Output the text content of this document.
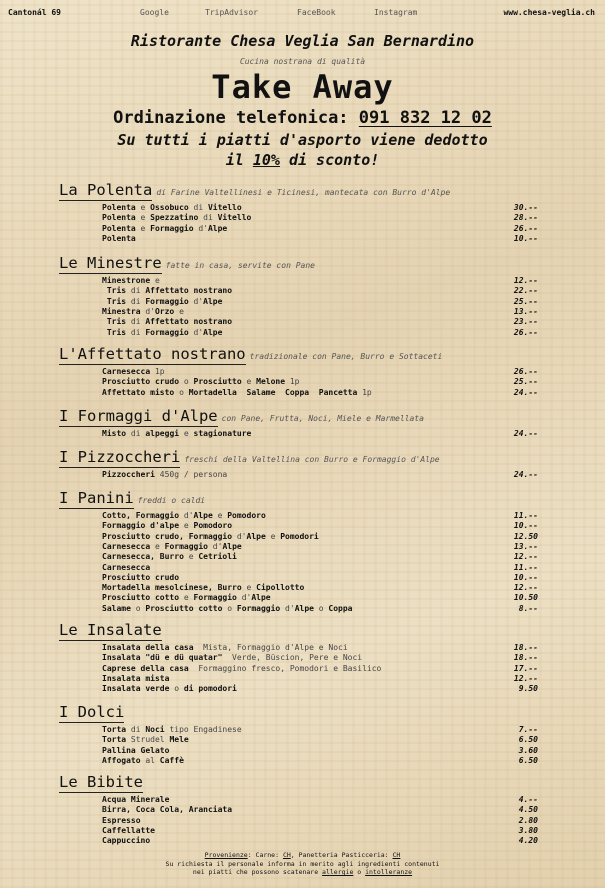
Cantonál 69	Google	TripAdvisor	FaceBook	Instagram	www.chesa-veglia.ch
Ristorante Chesa Veglia San Bernardino
Cucina nostrana di qualità
Take Away
Ordinazione telefonica: 091 832 12 02
Su tutti i piatti d'asporto viene dedotto
il 10% di sconto!
La Polenta di Farine Valtellinesi e Ticinesi, mantecata con Burro d'Alpe
Polenta e Ossobuco di Vitello	30.--
Polenta e Spezzatino di Vitello	28.--
Polenta e Formaggio d'Alpe	26.--
Polenta	10.--
Le Minestre fatte in casa, servite con Pane
Minestrone e	12.--
Tris di Affettato nostrano	22.--
Tris di Formaggio d'Alpe	25.--
Minestra d'Orzo e	13.--
Tris di Affettato nostrano	23.--
Tris di Formaggio d'Alpe	26.--
L'Affettato nostrano tradizionale con Pane, Burro e Sottaceti
Carnesecca 1p	26.--
Prosciutto crudo o Prosciutto e Melone 1p	25.--
Affettato misto o Mortadella  Salame  Coppa  Pancetta 1p	24.--
I Formaggi d'Alpe con Pane, Frutta, Noci, Miele e Marmellata
Misto di alpeggi e stagionature	24.--
I Pizzoccheri freschi della Valtellina con Burro e Formaggio d'Alpe
Pizzoccheri 450g / persona	24.--
I Panini freddi o caldi
Cotto, Formaggio d'Alpe e Pomodoro	11.--
Formaggio d'alpe e Pomodoro	10.--
Prosciutto crudo, Formaggio d'Alpe e Pomodori	12.50
Carnesecca e Formaggio d'Alpe	13.--
Carnesecca, Burro e Cetrioli	12.--
Carnesecca	11.--
Prosciutto crudo	10.--
Mortadella mesolcinese, Burro e Cipollotto	12.--
Prosciutto cotto e Formaggio d'Alpe	10.50
Salame o Prosciutto cotto o Formaggio d'Alpe o Coppa	8.--
Le Insalate
Insalata della casa  Mista, Formaggio d'Alpe e Noci	18.--
Insalata "dü e dü quatar"  Verde, Büscion, Pere e Noci	18.--
Caprese della casa  Formaggino fresco, Pomodori e Basilico	17.--
Insalata mista	12.--
Insalata verde o di pomodori	9.50
I Dolci
Torta di Noci tipo Engadinese	7.--
Torta Strudel Mele	6.50
Pallina Gelato	3.60
Affogato al Caffè	6.50
Le Bibite
Acqua Minerale	4.--
Birra, Coca Cola, Aranciata	4.50
Espresso	2.80
Caffellatte	3.80
Cappuccino	4.20
Provenienze: Carne: CH, Panetteria Pasticceria: CH
Su richiesta il personale informa in merito agli ingredienti contenuti
nei piatti che possono scatenare allergie o intolleranze
